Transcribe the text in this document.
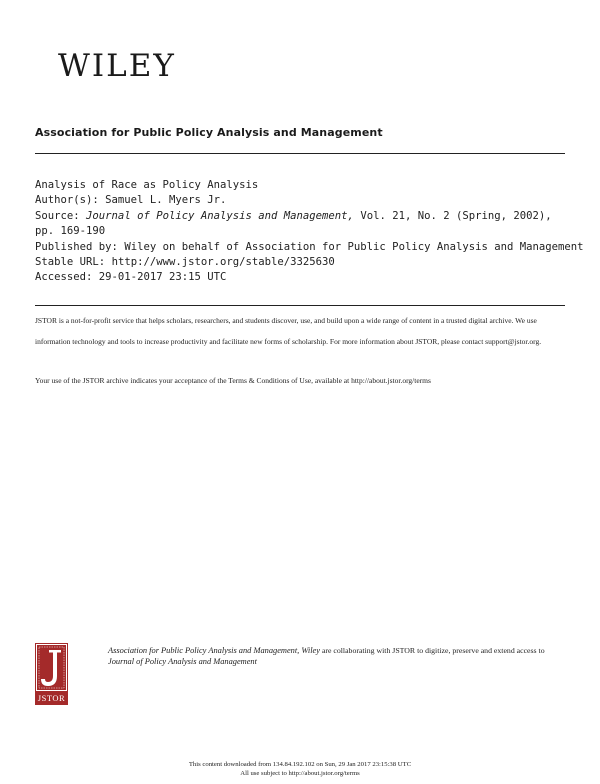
WILEY
Association for Public Policy Analysis and Management
Analysis of Race as Policy Analysis
Author(s): Samuel L. Myers Jr.
Source: Journal of Policy Analysis and Management, Vol. 21, No. 2 (Spring, 2002), pp. 169-190
Published by: Wiley on behalf of Association for Public Policy Analysis and Management
Stable URL: http://www.jstor.org/stable/3325630
Accessed: 29-01-2017 23:15 UTC
JSTOR is a not-for-profit service that helps scholars, researchers, and students discover, use, and build upon a wide range of content in a trusted digital archive. We use information technology and tools to increase productivity and facilitate new forms of scholarship. For more information about JSTOR, please contact support@jstor.org.
Your use of the JSTOR archive indicates your acceptance of the Terms & Conditions of Use, available at http://about.jstor.org/terms
JSTOR
Association for Public Policy Analysis and Management, Wiley are collaborating with JSTOR to digitize, preserve and extend access to Journal of Policy Analysis and Management
This content downloaded from 134.84.192.102 on Sun, 29 Jan 2017 23:15:38 UTC
All use subject to http://about.jstor.org/terms
